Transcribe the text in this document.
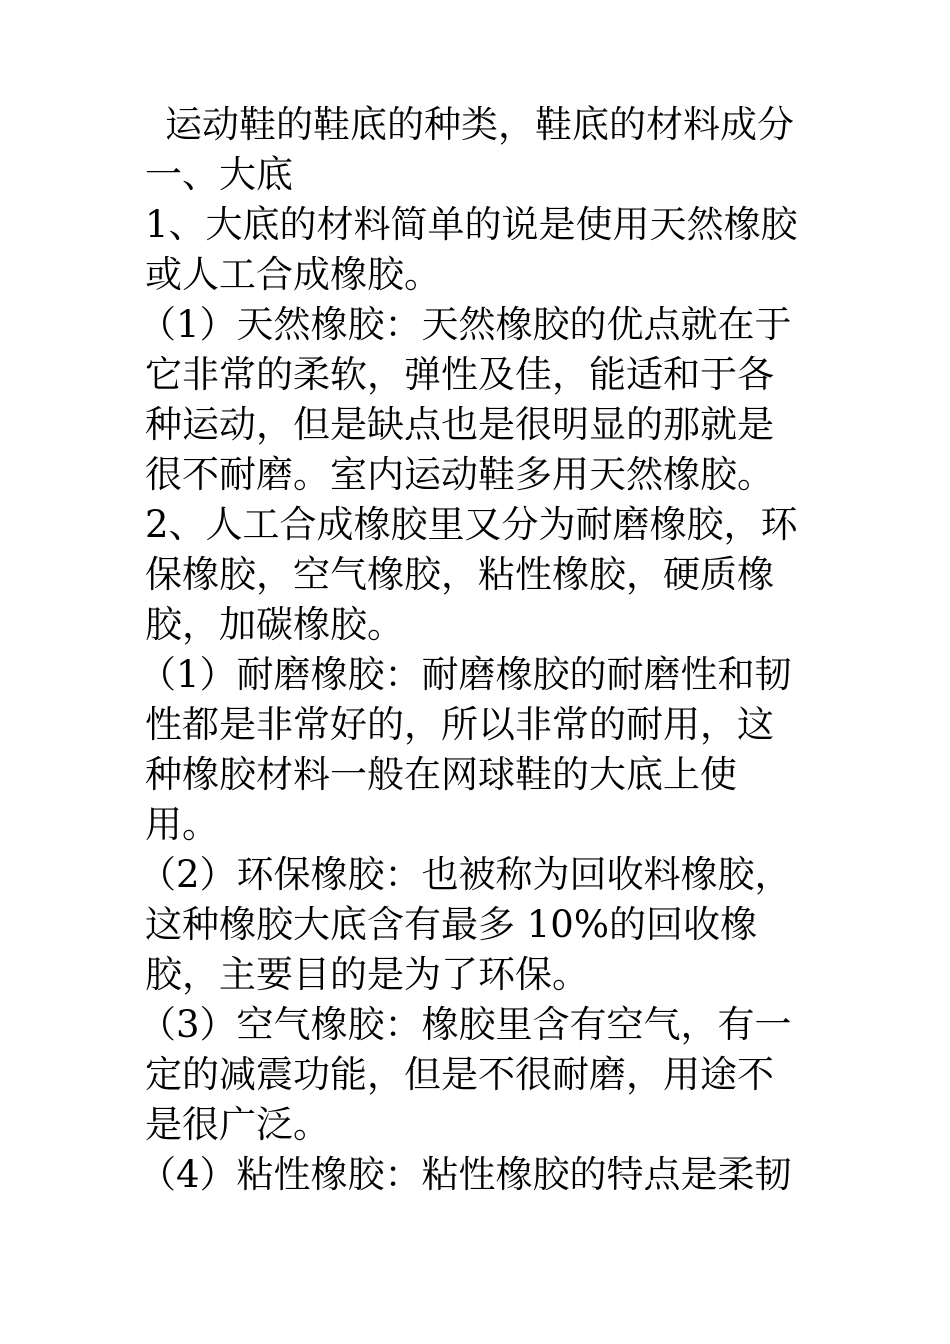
运动鞋的鞋底的种类，鞋底的材料成分
一、大底
1、大底的材料简单的说是使用天然橡胶
或人工合成橡胶。
（1）天然橡胶：天然橡胶的优点就在于
它非常的柔软，弹性及佳，能适和于各
种运动，但是缺点也是很明显的那就是
很不耐磨。室内运动鞋多用天然橡胶。
2、人工合成橡胶里又分为耐磨橡胶，环
保橡胶，空气橡胶，粘性橡胶，硬质橡
胶，加碳橡胶。
（1）耐磨橡胶：耐磨橡胶的耐磨性和韧
性都是非常好的，所以非常的耐用，这
种橡胶材料一般在网球鞋的大底上使
用。
（2）环保橡胶：也被称为回收料橡胶，
这种橡胶大底含有最多 10%的回收橡
胶，主要目的是为了环保。
（3）空气橡胶：橡胶里含有空气，有一
定的减震功能，但是不很耐磨，用途不
是很广泛。
（4）粘性橡胶：粘性橡胶的特点是柔韧
